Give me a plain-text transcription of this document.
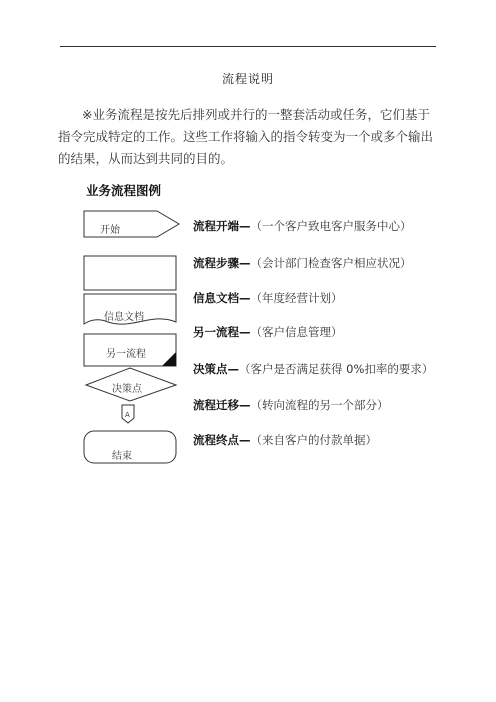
流程说明
※业务流程是按先后排列或并行的一整套活动或任务，它们基于指令完成特定的工作。这些工作将输入的指令转变为一个或多个输出的结果，从而达到共同的目的。
业务流程图例
开始
信息文档
另一流程
决策点
A
结束
流程开端—（一个客户致电客户服务中心）
流程步骤—（会计部门检查客户相应状况）
信息文档—（年度经营计划）
另一流程—（客户信息管理）
决策点—（客户是否满足获得 0%扣率的要求）
流程迁移—（转向流程的另一个部分）
流程终点—（来自客户的付款单据）
